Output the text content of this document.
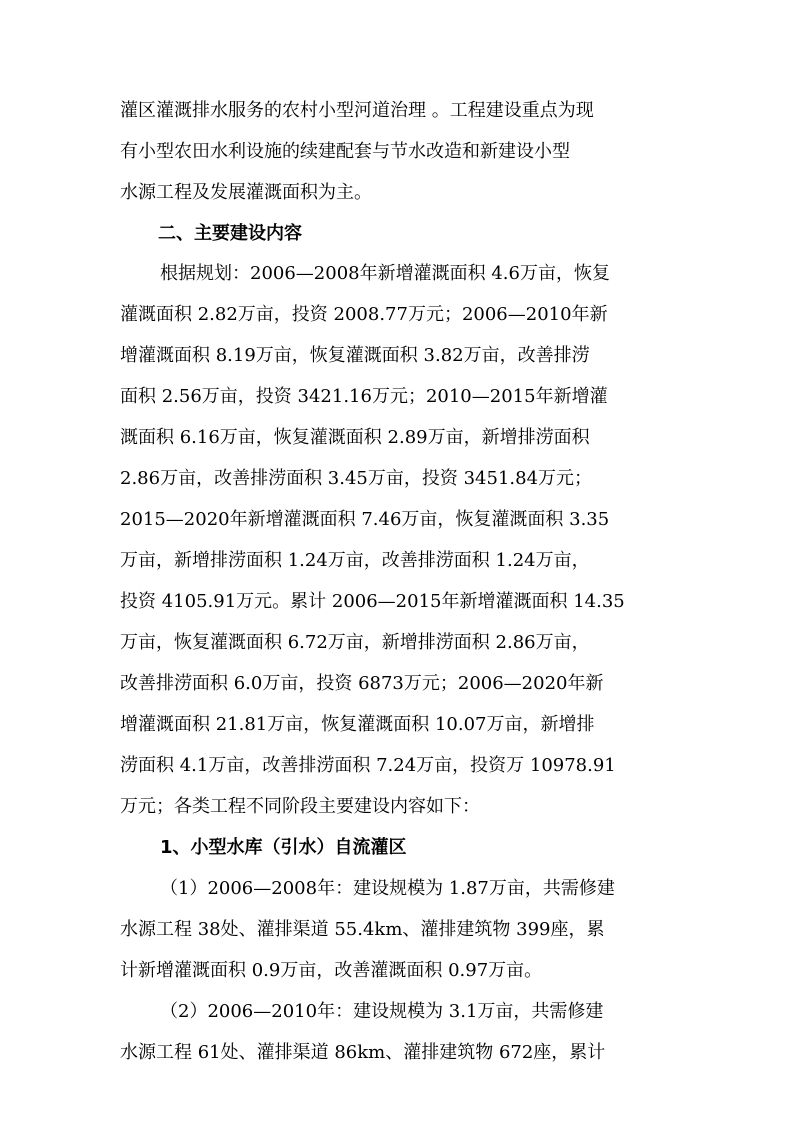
灌区灌溉排水服务的农村小型河道治理 。工程建设重点为现
有小型农田水利设施的续建配套与节水改造和新建设小型
水源工程及发展灌溉面积为主。
二、主要建设内容
根据规划：2006—2008年新增灌溉面积 4.6万亩，恢复
灌溉面积 2.82万亩，投资 2008.77万元；2006—2010年新
增灌溉面积 8.19万亩，恢复灌溉面积 3.82万亩，改善排涝
面积 2.56万亩，投资 3421.16万元；2010—2015年新增灌
溉面积 6.16万亩，恢复灌溉面积 2.89万亩，新增排涝面积
2.86万亩，改善排涝面积 3.45万亩，投资 3451.84万元；
2015—2020年新增灌溉面积 7.46万亩，恢复灌溉面积 3.35
万亩，新增排涝面积 1.24万亩，改善排涝面积 1.24万亩，
投资 4105.91万元。累计 2006—2015年新增灌溉面积 14.35
万亩，恢复灌溉面积 6.72万亩，新增排涝面积 2.86万亩，
改善排涝面积 6.0万亩，投资 6873万元；2006—2020年新
增灌溉面积 21.81万亩，恢复灌溉面积 10.07万亩，新增排
涝面积 4.1万亩，改善排涝面积 7.24万亩，投资万 10978.91
万元；各类工程不同阶段主要建设内容如下：
1、小型水库（引水）自流灌区
（1）2006—2008年：建设规模为 1.87万亩，共需修建
水源工程 38处、灌排渠道 55.4km、灌排建筑物 399座，累
计新增灌溉面积 0.9万亩，改善灌溉面积 0.97万亩。
（2）2006—2010年：建设规模为 3.1万亩，共需修建
水源工程 61处、灌排渠道 86km、灌排建筑物 672座，累计
